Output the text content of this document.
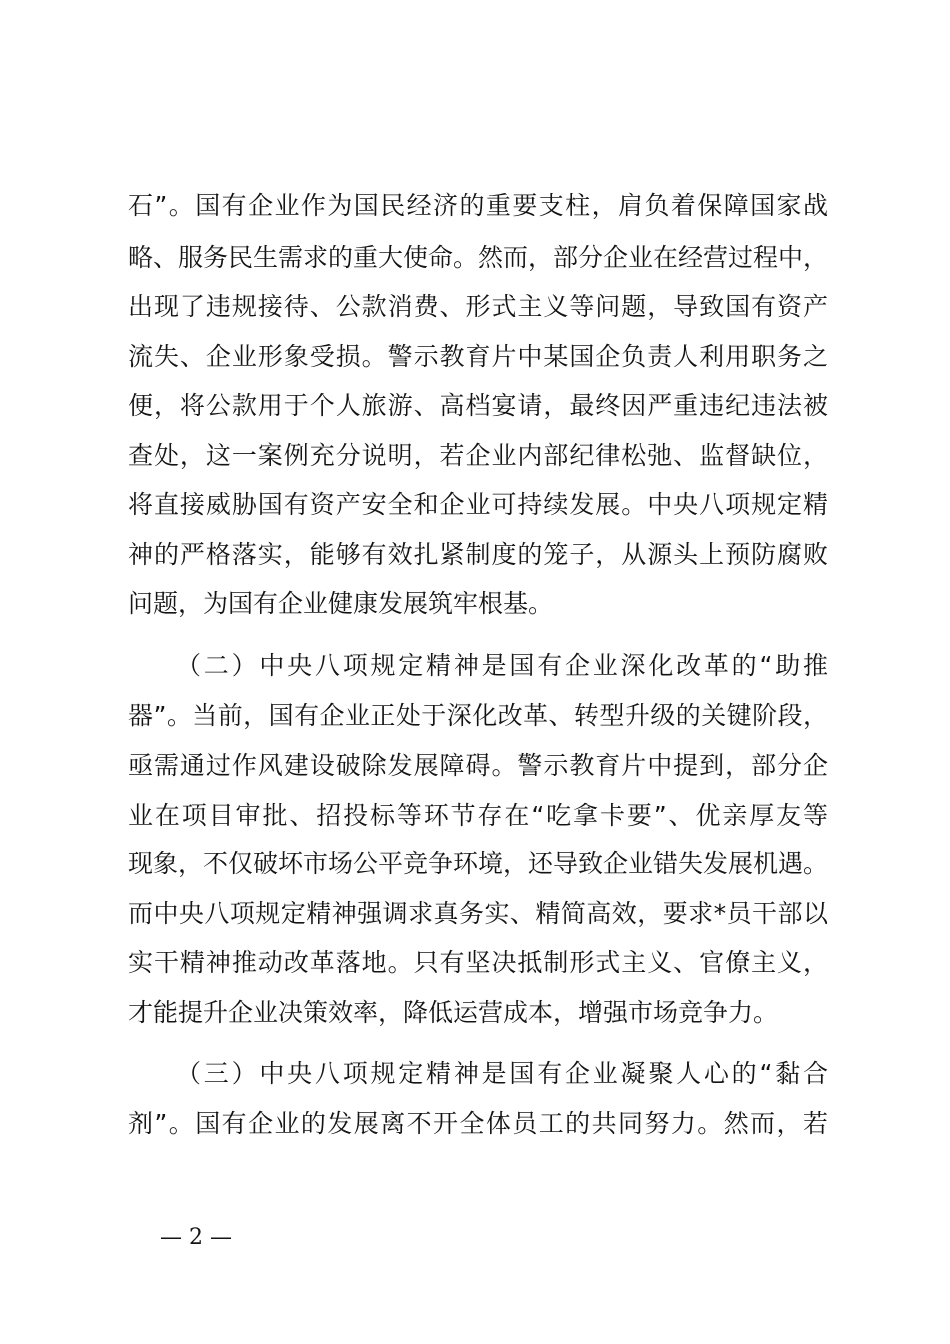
石”。国有企业作为国民经济的重要支柱，肩负着保障国家战

略、服务民生需求的重大使命。然而，部分企业在经营过程中，

出现了违规接待、公款消费、形式主义等问题，导致国有资产

流失、企业形象受损。警示教育片中某国企负责人利用职务之

便，将公款用于个人旅游、高档宴请，最终因严重违纪违法被

查处，这一案例充分说明，若企业内部纪律松弛、监督缺位，

将直接威胁国有资产安全和企业可持续发展。中央八项规定精

神的严格落实，能够有效扎紧制度的笼子，从源头上预防腐败

问题，为国有企业健康发展筑牢根基。

（二）中央八项规定精神是国有企业深化改革的“助推

器”。当前，国有企业正处于深化改革、转型升级的关键阶段，

亟需通过作风建设破除发展障碍。警示教育片中提到，部分企

业在项目审批、招投标等环节存在“吃拿卡要”、优亲厚友等

现象，不仅破坏市场公平竞争环境，还导致企业错失发展机遇。

而中央八项规定精神强调求真务实、精简高效，要求*员干部以

实干精神推动改革落地。只有坚决抵制形式主义、官僚主义，

才能提升企业决策效率，降低运营成本，增强市场竞争力。

（三）中央八项规定精神是国有企业凝聚人心的“黏合

剂”。国有企业的发展离不开全体员工的共同努力。然而，若

— 2 —
